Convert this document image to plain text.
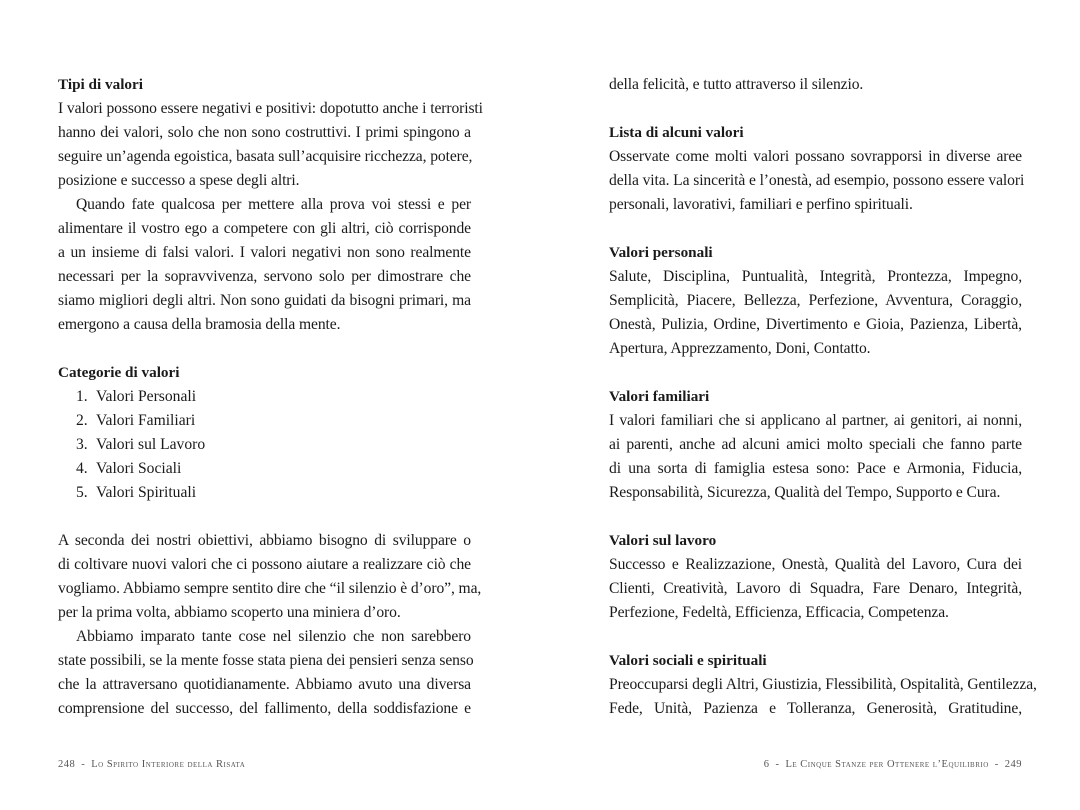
Tipi di valori
I valori possono essere negativi e positivi: dopotutto anche i terroristi
hanno dei valori, solo che non sono costruttivi. I primi spingono a
seguire un’agenda egoistica, basata sull’acquisire ricchezza, potere,
posizione e successo a spese degli altri.
Quando fate qualcosa per mettere alla prova voi stessi e per
alimentare il vostro ego a competere con gli altri, ciò corrisponde
a un insieme di falsi valori. I valori negativi non sono realmente
necessari per la sopravvivenza, servono solo per dimostrare che
siamo migliori degli altri. Non sono guidati da bisogni primari, ma
emergono a causa della bramosia della mente.
Categorie di valori
1. Valori Personali
2. Valori Familiari
3. Valori sul Lavoro
4. Valori Sociali
5. Valori Spirituali
A seconda dei nostri obiettivi, abbiamo bisogno di sviluppare o
di coltivare nuovi valori che ci possono aiutare a realizzare ciò che
vogliamo. Abbiamo sempre sentito dire che “il silenzio è d’oro”, ma,
per la prima volta, abbiamo scoperto una miniera d’oro.
Abbiamo imparato tante cose nel silenzio che non sarebbero
state possibili, se la mente fosse stata piena dei pensieri senza senso
che la attraversano quotidianamente. Abbiamo avuto una diversa
comprensione del successo, del fallimento, della soddisfazione e
248 - Lo Spirito Interiore della Risata
della felicità, e tutto attraverso il silenzio.
Lista di alcuni valori
Osservate come molti valori possano sovrapporsi in diverse aree
della vita. La sincerità e l’onestà, ad esempio, possono essere valori
personali, lavorativi, familiari e perfino spirituali.
Valori personali
Salute, Disciplina, Puntualità, Integrità, Prontezza, Impegno,
Semplicità, Piacere, Bellezza, Perfezione, Avventura, Coraggio,
Onestà, Pulizia, Ordine, Divertimento e Gioia, Pazienza, Libertà,
Apertura, Apprezzamento, Doni, Contatto.
Valori familiari
I valori familiari che si applicano al partner, ai genitori, ai nonni,
ai parenti, anche ad alcuni amici molto speciali che fanno parte
di una sorta di famiglia estesa sono: Pace e Armonia, Fiducia,
Responsabilità, Sicurezza, Qualità del Tempo, Supporto e Cura.
Valori sul lavoro
Successo e Realizzazione, Onestà, Qualità del Lavoro, Cura dei
Clienti, Creatività, Lavoro di Squadra, Fare Denaro, Integrità,
Perfezione, Fedeltà, Efficienza, Efficacia, Competenza.
Valori sociali e spirituali
Preoccuparsi degli Altri, Giustizia, Flessibilità, Ospitalità, Gentilezza,
Fede, Unità, Pazienza e Tolleranza, Generosità, Gratitudine,
6 - Le Cinque Stanze per Ottenere l’Equilibrio - 249
